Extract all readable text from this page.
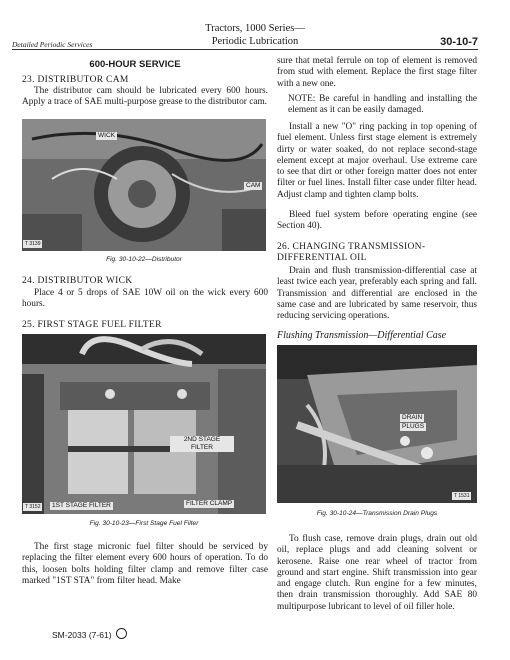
Detailed Periodic Services
Tractors, 1000 Series—
Periodic Lubrication	30-10-7
600-HOUR SERVICE
23. DISTRIBUTOR CAM

The distributor cam should be lubricated every 600 hours. Apply a trace of SAE multi-purpose grease to the distributor cam.

WICK
CAM
T 3139
Fig. 30-10-22—Distributor
24. DISTRIBUTOR WICK

Place 4 or 5 drops of SAE 10W oil on the wick every 600 hours.

25. FIRST STAGE FUEL FILTER
2ND STAGE FILTER
1ST STAGE FILTER	FILTER CLAMP
T 3152
Fig. 30-10-23—First Stage Fuel Filter

The first stage micronic fuel filter should be serviced by replacing the filter element every 600 hours of operation. To do this, loosen bolts holding filter clamp and remove filter case marked "1ST STA" from filter head. Make

sure that metal ferrule on top of element is removed from stud with element. Replace the first stage filter with a new one.

NOTE: Be careful in handling and installing the element as it can be easily damaged.

Install a new "O" ring packing in top opening of fuel element. Unless first stage element is extremely dirty or water soaked, do not replace second-stage element except at major overhaul. Use extreme care to see that dirt or other foreign matter does not enter filter or fuel lines. Install filter case under filter head. Adjust clamp and tighten clamp bolts.

Bleed fuel system before operating engine (see Section 40).

26. CHANGING TRANSMISSION-DIFFERENTIAL OIL

Drain and flush transmission-differential case at least twice each year, preferably each spring and fall. Transmission and differential are enclosed in the same case and are lubricated by same reservoir, thus reducing servicing operations.

Flushing Transmission—Differential Case
DRAIN
PLUGS
T 1531
Fig. 30-10-24—Transmission Drain Plugs

To flush case, remove drain plugs, drain out old oil, replace plugs and add cleaning solvent or kerosene. Raise one rear wheel of tractor from ground and start engine. Shift transmission into gear and engage clutch. Run engine for a few minutes, then drain transmission thoroughly. Add SAE 80 multipurpose lubricant to level of oil filler hole.

SM-2033 (7-61)
